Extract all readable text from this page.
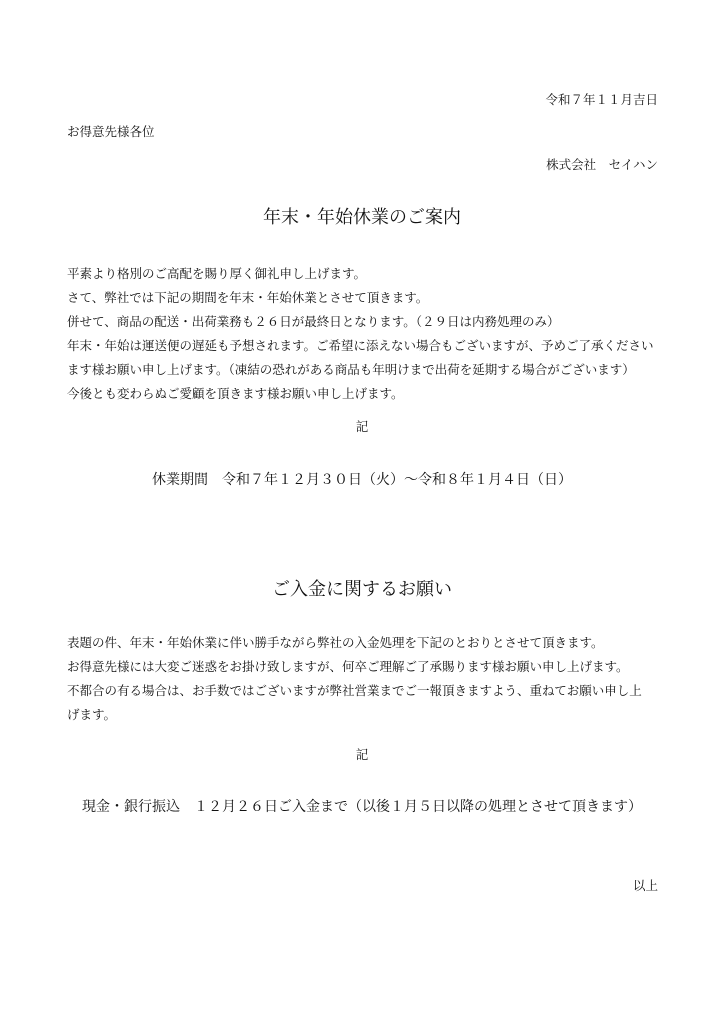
令和７年１１月吉日
お得意先様各位
株式会社　セイハン
年末・年始休業のご案内

平素より格別のご高配を賜り厚く御礼申し上げます。

さて、弊社では下記の期間を年末・年始休業とさせて頂きます。

併せて、商品の配送・出荷業務も２６日が最終日となります。（２９日は内務処理のみ）

年末・年始は運送便の遅延も予想されます。ご希望に添えない場合もございますが、予めご了承ください

ます様お願い申し上げます。（凍結の恐れがある商品も年明けまで出荷を延期する場合がございます）

今後とも変わらぬご愛顧を頂きます様お願い申し上げます。

記
休業期間　令和７年１２月３０日（火）～令和８年１月４日（日）
ご入金に関するお願い

表題の件、年末・年始休業に伴い勝手ながら弊社の入金処理を下記のとおりとさせて頂きます。

お得意先様には大変ご迷惑をお掛け致しますが、何卒ご理解ご了承賜ります様お願い申し上げます。

不都合の有る場合は、お手数ではございますが弊社営業までご一報頂きますよう、重ねてお願い申し上

げます。

記
現金・銀行振込　１２月２６日ご入金まで（以後１月５日以降の処理とさせて頂きます）
以上
